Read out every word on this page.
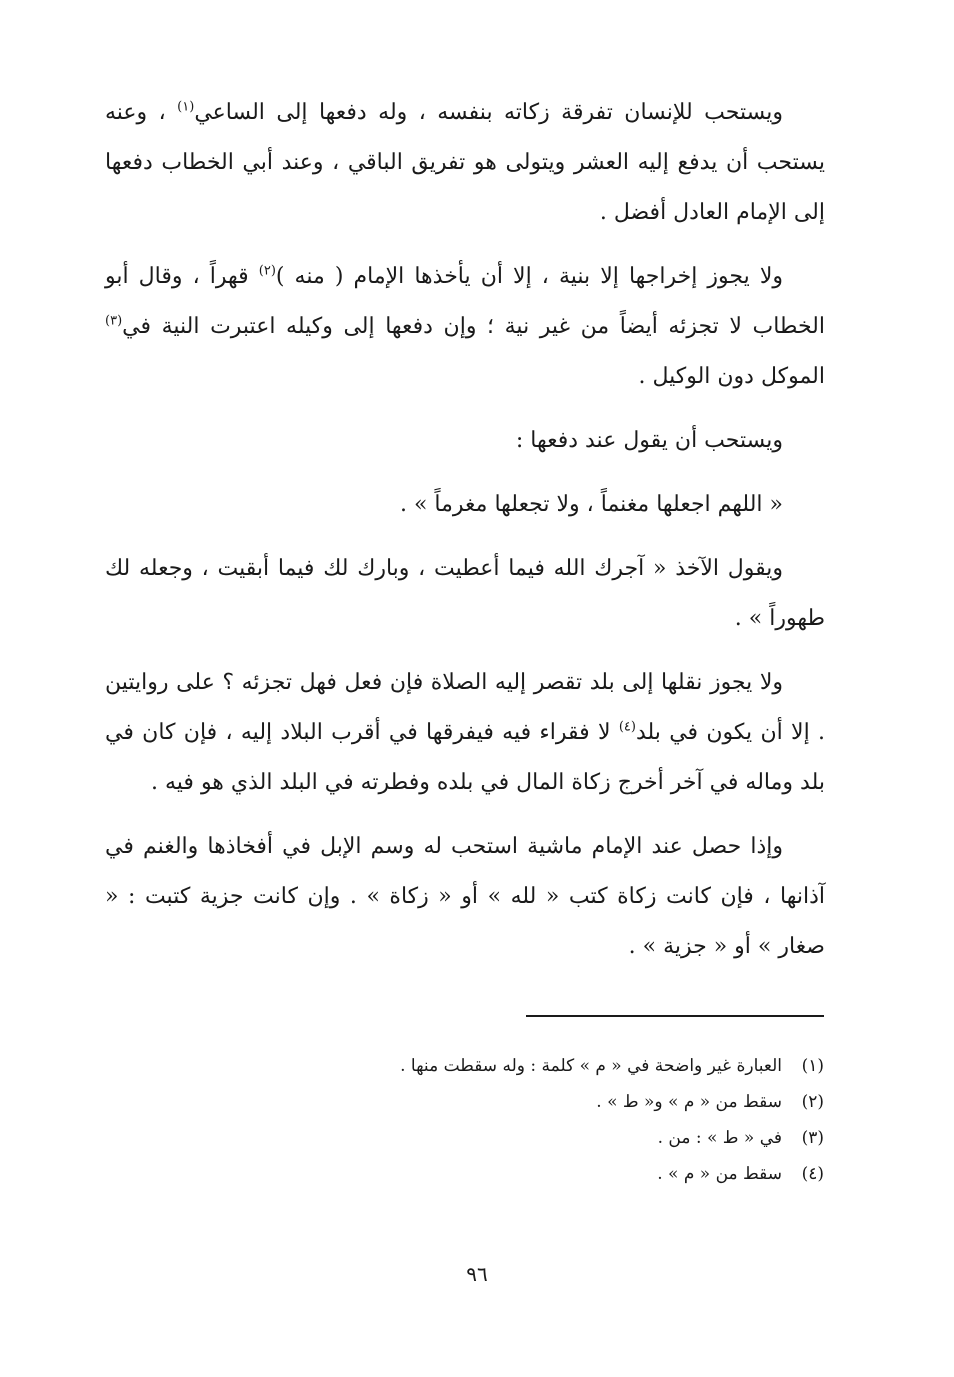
ويستحب للإنسان تفرقة زكاته بنفسه ، وله دفعها إلى الساعي$^{(١)}$ ، وعنه يستحب أن يدفع إليه العشر ويتولى هو تفريق الباقي ، وعند أبي الخطاب دفعها إلى الإمام العادل أفضل .

ولا يجوز إخراجها إلا بنية ، إلا أن يأخذها الإمام ( منه )$^{(٢)}$ قهراً ، وقال أبو الخطاب لا تجزئه أيضاً من غير نية ؛ وإن دفعها إلى وكيله اعتبرت النية في$^{(٣)}$ الموكل دون الوكيل .

ويستحب أن يقول عند دفعها :

« اللهم اجعلها مغنماً ، ولا تجعلها مغرماً » .

ويقول الآخذ « آجرك الله فيما أعطيت ، وبارك لك فيما أبقيت ، وجعله لك طهوراً » .

ولا يجوز نقلها إلى بلد تقصر إليه الصلاة فإن فعل فهل تجزئه ؟ على روايتين . إلا أن يكون في بلد$^{(٤)}$ لا فقراء فيه فيفرقها في أقرب البلاد إليه ، فإن كان في بلد وماله في آخر أخرج زكاة المال في بلده وفطرته في البلد الذي هو فيه .

وإذا حصل عند الإمام ماشية استحب له وسم الإبل في أفخاذها والغنم في آذانها ، فإن كانت زكاة كتب « لله » أو « زكاة » . وإن كانت جزية كتبت : « صغار » أو « جزية » .

(١)
العبارة غير واضحة في « م » كلمة : وله سقطت منها .
(٢)
سقط من « م » و« ط » .
(٣)
في « ط » : من .
(٤)
سقط من « م » .
٩٦
